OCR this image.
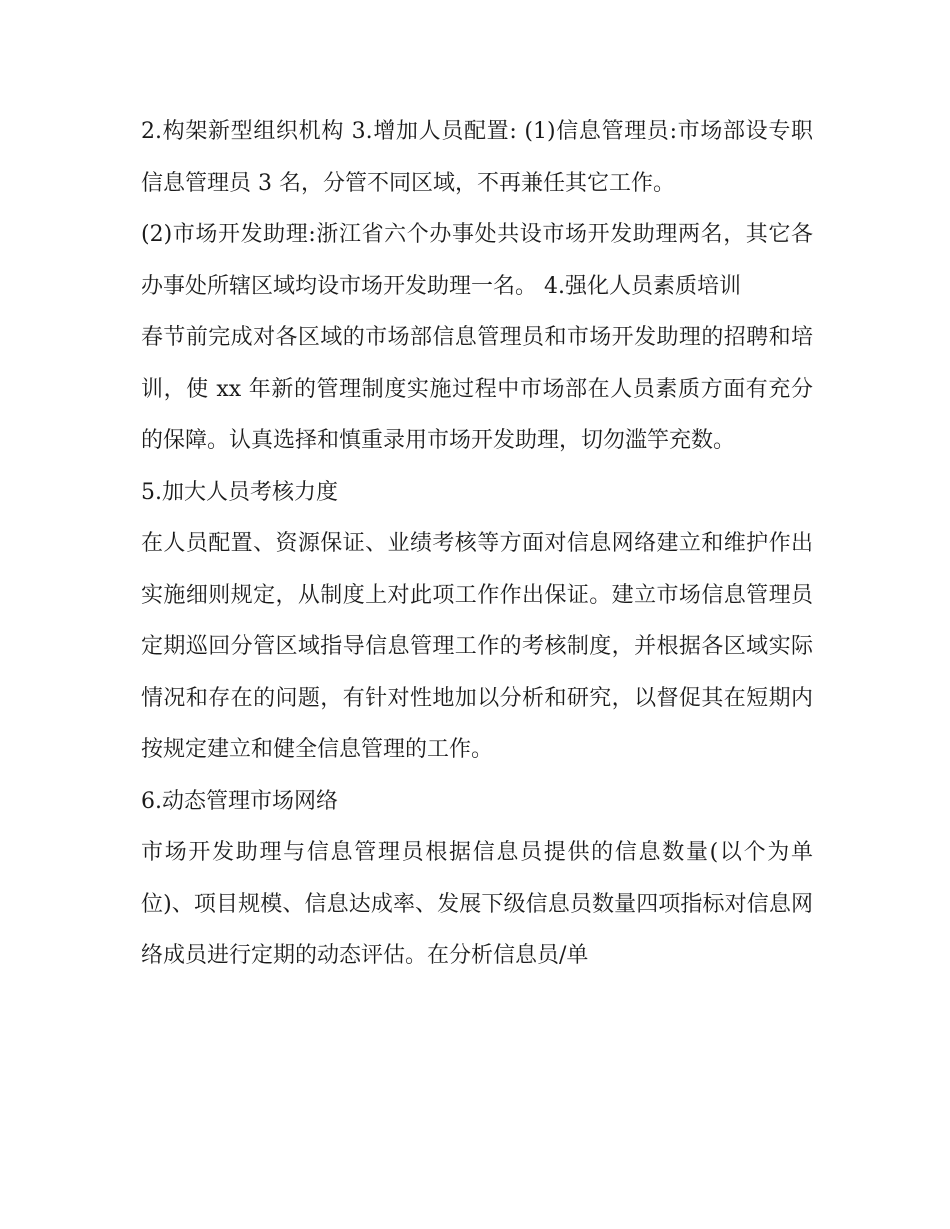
2.构架新型组织机构 3.增加人员配置: (1)信息管理员:市场部设专职信息管理员 3 名，分管不同区域，不再兼任其它工作。

(2)市场开发助理:浙江省六个办事处共设市场开发助理两名，其它各办事处所辖区域均设市场开发助理一名。 4.强化人员素质培训

春节前完成对各区域的市场部信息管理员和市场开发助理的招聘和培训，使 xx 年新的管理制度实施过程中市场部在人员素质方面有充分的保障。认真选择和慎重录用市场开发助理，切勿滥竽充数。

5.加大人员考核力度

在人员配置、资源保证、业绩考核等方面对信息网络建立和维护作出实施细则规定，从制度上对此项工作作出保证。建立市场信息管理员定期巡回分管区域指导信息管理工作的考核制度，并根据各区域实际情况和存在的问题，有针对性地加以分析和研究，以督促其在短期内按规定建立和健全信息管理的工作。

6.动态管理市场网络

市场开发助理与信息管理员根据信息员提供的信息数量(以个为单位)、项目规模、信息达成率、发展下级信息员数量四项指标对信息网络成员进行定期的动态评估。在分析信息员/单
